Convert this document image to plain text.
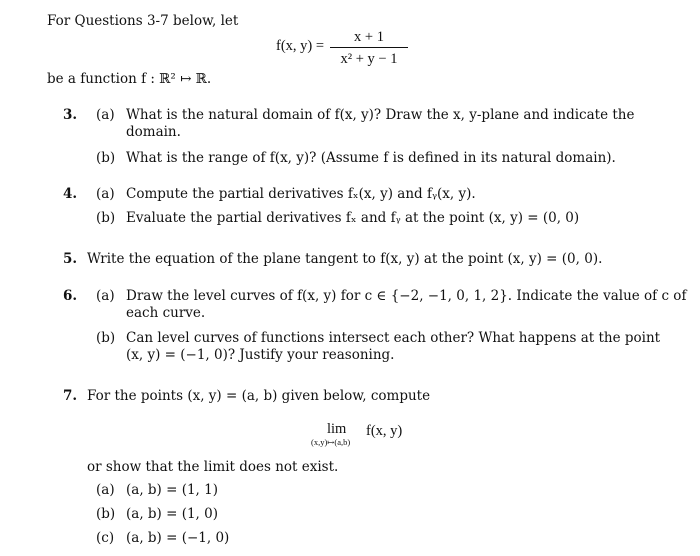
For Questions 3-7 below, let
f(x, y) =
x + 1
x² + y − 1
be a function f : ℝ² ↦ ℝ.
3. (a) What is the natural domain of f(x, y)? Draw the x, y-plane and indicate the
domain.
(b) What is the range of f(x, y)? (Assume f is defined in its natural domain).
4. (a) Compute the partial derivatives fₓ(x, y) and fᵧ(x, y).
(b) Evaluate the partial derivatives fₓ and fᵧ at the point (x, y) = (0, 0)
5. Write the equation of the plane tangent to f(x, y) at the point (x, y) = (0, 0).
6. (a) Draw the level curves of f(x, y) for c ∈ {−2, −1, 0, 1, 2}. Indicate the value of c of
each curve.
(b) Can level curves of functions intersect each other? What happens at the point
(x, y) = (−1, 0)? Justify your reasoning.
7. For the points (x, y) = (a, b) given below, compute
lim
(x,y)↦(a,b)
f(x, y)
or show that the limit does not exist.
(a) (a, b) = (1, 1)
(b) (a, b) = (1, 0)
(c) (a, b) = (−1, 0)
